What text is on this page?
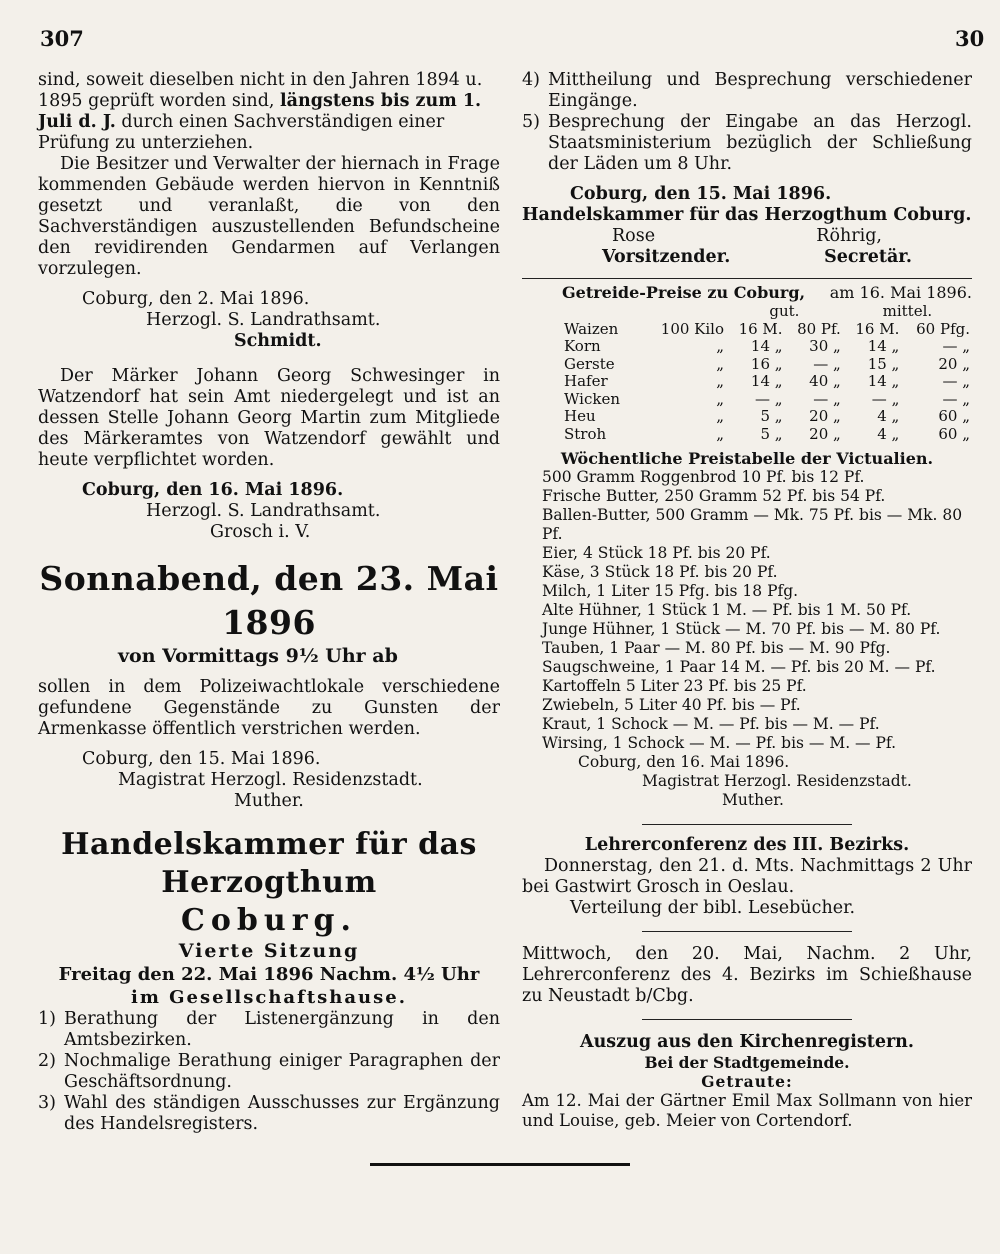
307	30

sind, soweit dieselben nicht in den Jahren 1894 u.
1895 geprüft worden sind, längstens bis zum 1.
Juli d. J. durch einen Sachverständigen einer
Prüfung zu unterziehen.

Die Besitzer und Verwalter der hiernach in Frage kommenden Gebäude werden hiervon in Kenntniß gesetzt und veranlaßt, die von den Sachverständigen auszustellenden Befundscheine den revidirenden Gendarmen auf Verlangen vorzulegen.

Coburg, den 2. Mai 1896.

Herzogl. S. Landrathsamt.

Schmidt.

Der Märker Johann Georg Schwesinger in Watzendorf hat sein Amt niedergelegt und ist an dessen Stelle Johann Georg Martin zum Mitgliede des Märkeramtes von Watzendorf gewählt und heute verpflichtet worden.

Coburg, den 16. Mai 1896.

Herzogl. S. Landrathsamt.

Grosch i. V.

Sonnabend, den 23. Mai 1896

von Vormittags 9½ Uhr ab

sollen in dem Polizeiwachtlokale verschiedene gefundene Gegenstände zu Gunsten der Armenkasse öffentlich verstrichen werden.

Coburg, den 15. Mai 1896.

Magistrat Herzogl. Residenzstadt.

Muther.

Handelskammer für das Herzogthum

Coburg.

Vierte Sitzung

Freitag den 22. Mai 1896 Nachm. 4½ Uhr

im Gesellschaftshause.

1) Berathung der Listenergänzung in den Amtsbezirken.
2) Nochmalige Berathung einiger Paragraphen der Geschäftsordnung.
3) Wahl des ständigen Ausschusses zur Ergänzung des Handelsregisters.
4) Mittheilung und Besprechung verschiedener Eingänge.
5) Besprechung der Eingabe an das Herzogl. Staatsministerium bezüglich der Schließung der Läden um 8 Uhr.

Coburg, den 15. Mai 1896.

Handelskammer für das Herzogthum Coburg.

Rose	Röhrig,
Vorsitzender.	Secretär.
Getreide-Preise zu Coburg, am 16. Mai 1896.
		gut.		mittel.	
Waizen	100 Kilo	16 M.	80 Pf.	16 M.	60 Pfg.
Korn	„	14 „	30 „	14 „	— „
Gerste	„	16 „	— „	15 „	20 „
Hafer	„	14 „	40 „	14 „	— „
Wicken	„	— „	— „	— „	— „
Heu	„	5 „	20 „	4 „	60 „
Stroh	„	5 „	20 „	4 „	60 „

Wöchentliche Preistabelle der Victualien.

500 Gramm Roggenbrod 10 Pf. bis 12 Pf.

Frische Butter, 250 Gramm 52 Pf. bis 54 Pf.

Ballen-Butter, 500 Gramm — Mk. 75 Pf. bis — Mk. 80 Pf.

Eier, 4 Stück 18 Pf. bis 20 Pf.

Käse, 3 Stück 18 Pf. bis 20 Pf.

Milch, 1 Liter 15 Pfg. bis 18 Pfg.

Alte Hühner, 1 Stück 1 M. — Pf. bis 1 M. 50 Pf.

Junge Hühner, 1 Stück — M. 70 Pf. bis — M. 80 Pf.

Tauben, 1 Paar — M. 80 Pf. bis — M. 90 Pfg.

Saugschweine, 1 Paar 14 M. — Pf. bis 20 M. — Pf.

Kartoffeln 5 Liter 23 Pf. bis 25 Pf.

Zwiebeln, 5 Liter 40 Pf. bis — Pf.

Kraut, 1 Schock — M. — Pf. bis — M. — Pf.

Wirsing, 1 Schock — M. — Pf. bis — M. — Pf.

Coburg, den 16. Mai 1896.

Magistrat Herzogl. Residenzstadt.

Muther.

Lehrerconferenz des III. Bezirks.

Donnerstag, den 21. d. Mts. Nachmittags 2 Uhr bei Gastwirt Grosch in Oeslau.

Verteilung der bibl. Lesebücher.

Mittwoch, den 20. Mai, Nachm. 2 Uhr, Lehrerconferenz des 4. Bezirks im Schießhause zu Neustadt b/Cbg.

Auszug aus den Kirchenregistern.

Bei der Stadtgemeinde.

Getraute:

Am 12. Mai der Gärtner Emil Max Sollmann von hier und Louise, geb. Meier von Cortendorf.
